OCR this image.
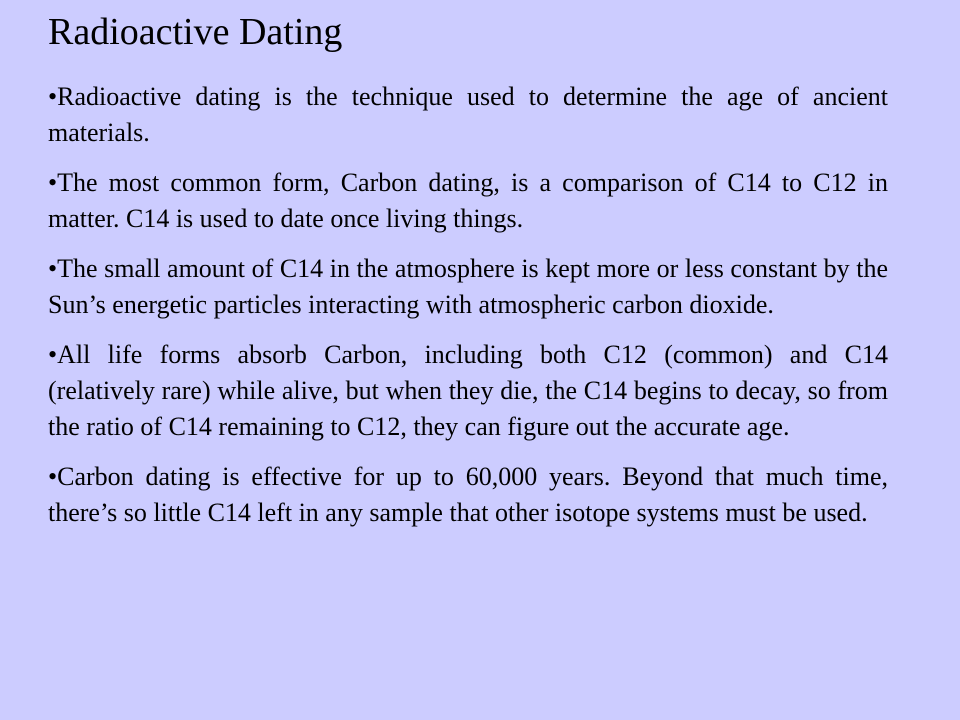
Radioactive Dating
•Radioactive dating is the technique used to determine the age of ancient materials.
•The most common form, Carbon dating, is a comparison of C14 to C12 in matter. C14 is used to date once living things.
•The small amount of C14 in the atmosphere is kept more or less constant by the Sun’s energetic particles interacting with atmospheric carbon dioxide.
•All life forms absorb Carbon, including both C12 (common) and C14 (relatively rare) while alive, but when they die, the C14 begins to decay, so from the ratio of C14 remaining to C12, they can figure out the accurate age.
•Carbon dating is effective for up to 60,000 years. Beyond that much time, there’s so little C14 left in any sample that other isotope systems must be used.
